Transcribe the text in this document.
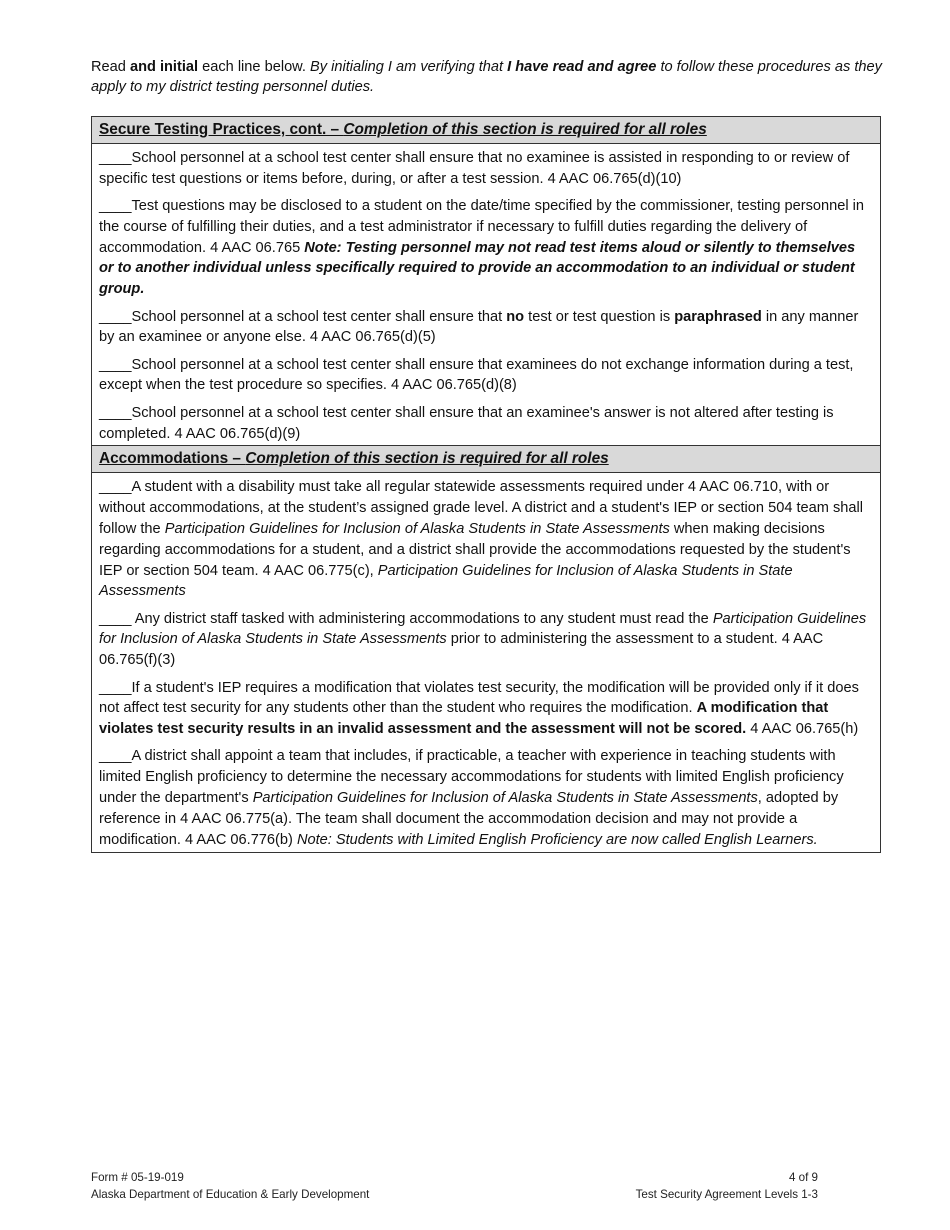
Read and initial each line below. By initialing I am verifying that I have read and agree to follow these procedures as they apply to my district testing personnel duties.
Secure Testing Practices, cont. – Completion of this section is required for all roles

____School personnel at a school test center shall ensure that no examinee is assisted in responding to or review of specific test questions or items before, during, or after a test session. 4 AAC 06.765(d)(10)

____Test questions may be disclosed to a student on the date/time specified by the commissioner, testing personnel in the course of fulfilling their duties, and a test administrator if necessary to fulfill duties regarding the delivery of accommodation. 4 AAC 06.765 Note: Testing personnel may not read test items aloud or silently to themselves or to another individual unless specifically required to provide an accommodation to an individual or student group.

____School personnel at a school test center shall ensure that no test or test question is paraphrased in any manner by an examinee or anyone else. 4 AAC 06.765(d)(5)

____School personnel at a school test center shall ensure that examinees do not exchange information during a test, except when the test procedure so specifies. 4 AAC 06.765(d)(8)

____School personnel at a school test center shall ensure that an examinee's answer is not altered after testing is completed. 4 AAC 06.765(d)(9)

Accommodations – Completion of this section is required for all roles

____A student with a disability must take all regular statewide assessments required under 4 AAC 06.710, with or without accommodations, at the student’s assigned grade level. A district and a student's IEP or section 504 team shall follow the Participation Guidelines for Inclusion of Alaska Students in State Assessments when making decisions regarding accommodations for a student, and a district shall provide the accommodations requested by the student's IEP or section 504 team. 4 AAC 06.775(c), Participation Guidelines for Inclusion of Alaska Students in State Assessments

____ Any district staff tasked with administering accommodations to any student must read the Participation Guidelines for Inclusion of Alaska Students in State Assessments prior to administering the assessment to a student. 4 AAC 06.765(f)(3)

____If a student's IEP requires a modification that violates test security, the modification will be provided only if it does not affect test security for any students other than the student who requires the modification. A modification that violates test security results in an invalid assessment and the assessment will not be scored. 4 AAC 06.765(h)

____A district shall appoint a team that includes, if practicable, a teacher with experience in teaching students with limited English proficiency to determine the necessary accommodations for students with limited English proficiency under the department's Participation Guidelines for Inclusion of Alaska Students in State Assessments, adopted by reference in 4 AAC 06.775(a). The team shall document the accommodation decision and may not provide a modification. 4 AAC 06.776(b) Note: Students with Limited English Proficiency are now called English Learners.

Form # 05-19-019
Alaska Department of Education & Early Development
4 of 9
Test Security Agreement Levels 1-3
